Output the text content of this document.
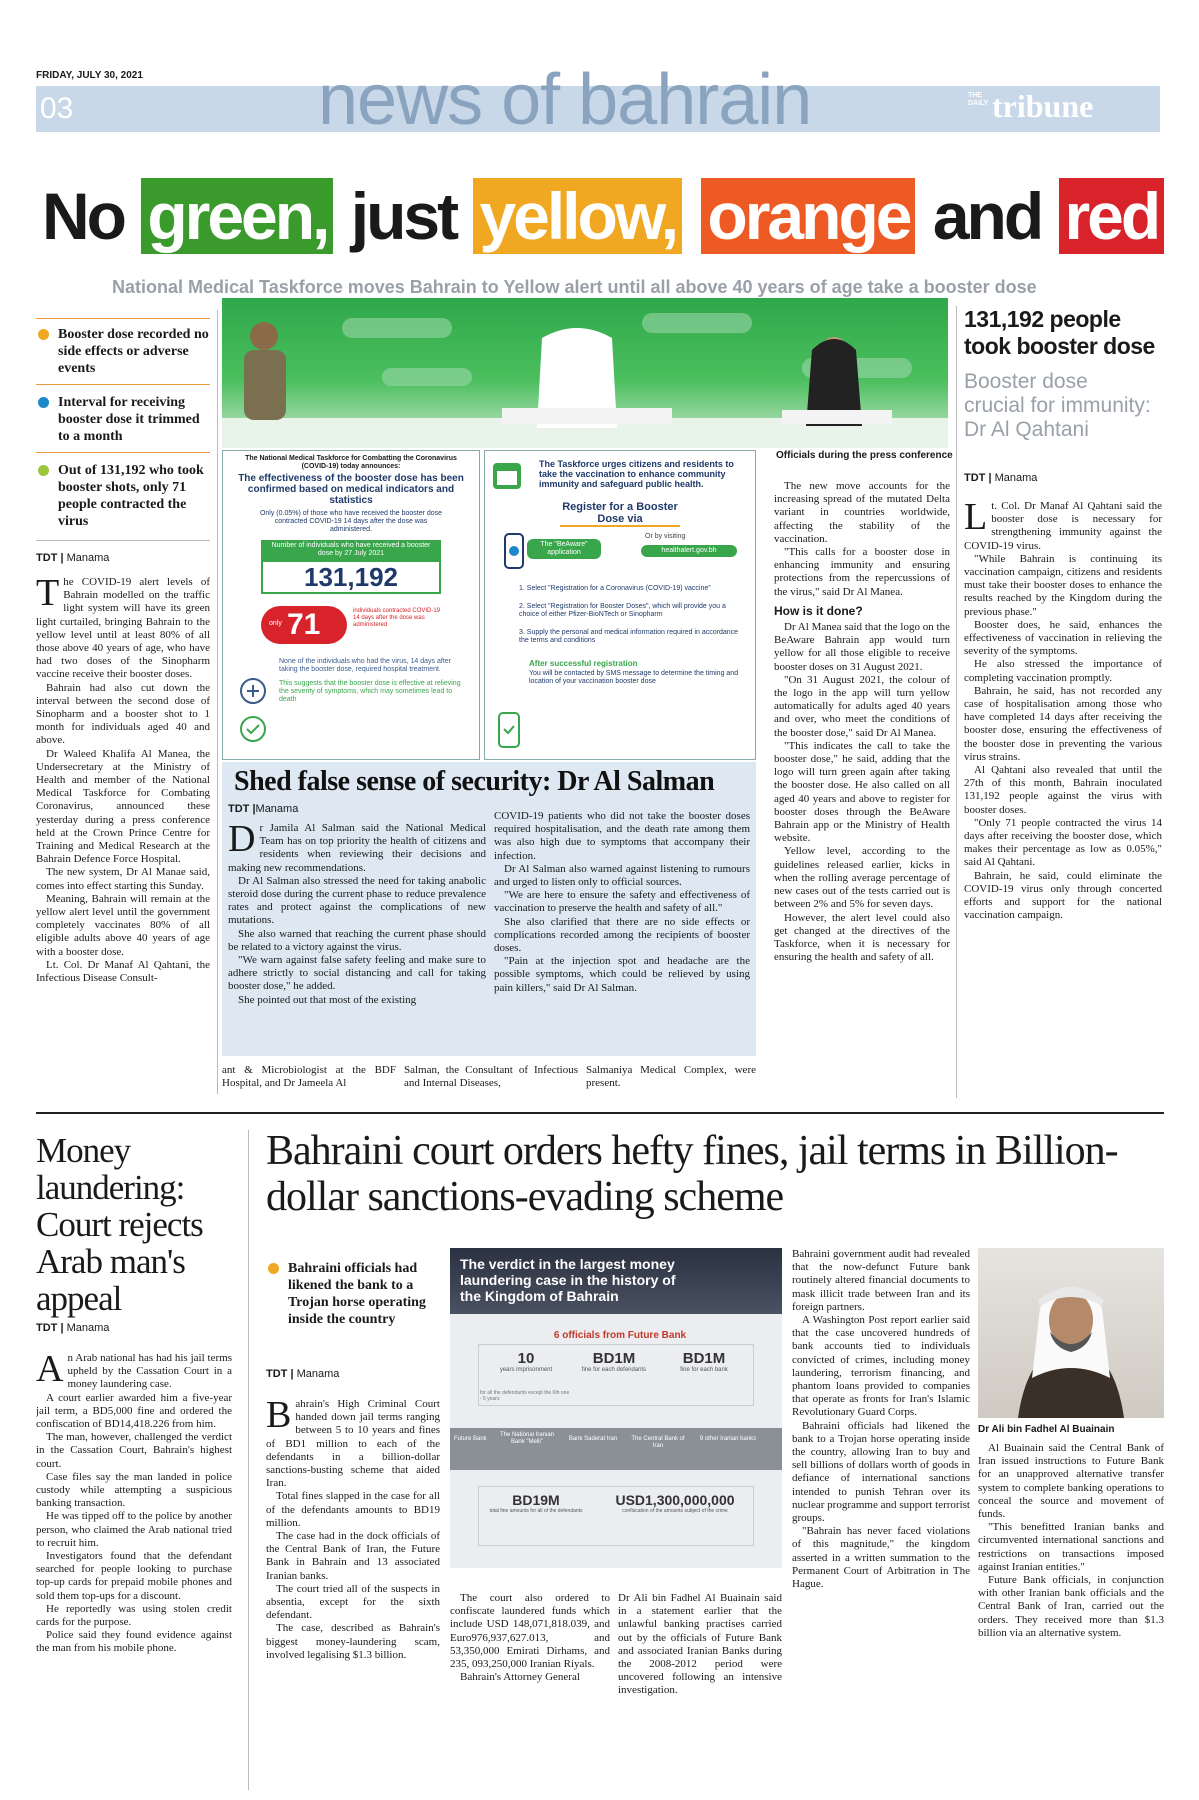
FRIDAY, JULY 30, 2021
03	news of bahrain	THE DAILY tribune
No green, just yellow, orange and red
National Medical Taskforce moves Bahrain to Yellow alert until all above 40 years of age take a booster dose
Booster dose recorded no side effects or adverse events
Interval for receiving booster dose it trimmed to a month
Out of 131,192 who took booster shots, only 71 people contracted the virus
TDT | Manama

The COVID-19 alert levels of Bahrain modelled on the traffic light system will have its green light curtailed, bringing Bahrain to the yellow level until at least 80% of all those above 40 years of age, who have had two doses of the Sinopharm vaccine receive their booster doses.

Bahrain had also cut down the interval between the second dose of Sinopharm and a booster shot to 1 month for individuals aged 40 and above.

Dr Waleed Khalifa Al Manea, the Undersecretary at the Ministry of Health and member of the National Medical Taskforce for Combating Coronavirus, announced these yesterday during a press conference held at the Crown Prince Centre for Training and Medical Research at the Bahrain Defence Force Hospital.

The new system, Dr Al Manae said, comes into effect starting this Sunday.

Meaning, Bahrain will remain at the yellow alert level until the government completely vaccinates 80% of all eligible adults above 40 years of age with a booster dose.

Lt. Col. Dr Manaf Al Qahtani, the Infectious Disease Consult-

The National Medical Taskforce for Combatting the Coronavirus (COVID-19) today announces:
The effectiveness of the booster dose has been confirmed based on medical indicators and statistics
Only (0.05%) of those who have received the booster dose contracted COVID-19 14 days after the dose was administered.
Number of individuals who have received a booster dose by 27 July 2021
131,192
only 71	individuals contracted COVID-19 14 days after the dose was administered
None of the individuals who had the virus, 14 days after taking the booster dose, required hospital treatment.
This suggests that the booster dose is effective at relieving the severity of symptoms, which may sometimes lead to death
The Taskforce urges citizens and residents to take the vaccination to enhance community immunity and safeguard public health.
Register for a Booster Dose via
The "BeAware" application
Or by visiting
healthalert.gov.bh
1. Select "Registration for a Coronavirus (COVID-19) vaccine"
2. Select "Registration for Booster Doses", which will provide you a choice of either Pfizer-BioNTech or Sinopharm
3. Supply the personal and medical information required in accordance the terms and conditions
After successful registration
You will be contacted by SMS message to determine the timing and location of your vaccination booster dose
Shed false sense of security: Dr Al Salman
TDT |Manama

Dr Jamila Al Salman said the National Medical Team has on top priority the health of citizens and residents when reviewing their decisions and making new recommendations.

Dr Al Salman also stressed the need for taking anabolic steroid dose during the current phase to reduce prevalence rates and protect against the complications of new mutations.

She also warned that reaching the current phase should be related to a victory against the virus.

"We warn against false safety feeling and make sure to adhere strictly to social distancing and call for taking booster dose," he added.

She pointed out that most of the existing

COVID-19 patients who did not take the booster doses required hospitalisation, and the death rate among them was also high due to symptoms that accompany their infection.

Dr Al Salman also warned against listening to rumours and urged to listen only to official sources.

"We are here to ensure the safety and effectiveness of vaccination to preserve the health and safety of all."

She also clarified that there are no side effects or complications recorded among the recipients of booster doses.

"Pain at the injection spot and headache are the possible symptoms, which could be relieved by using pain killers," said Dr Al Salman.

ant & Microbiologist at the BDF Hospital, and Dr Jameela Al
Salman, the Consultant of Infectious and Internal Diseases,
Salmaniya Medical Complex, were present.
Officials during the press conference

The new move accounts for the increasing spread of the mutated Delta variant in countries worldwide, affecting the stability of the vaccination.

"This calls for a booster dose in enhancing immunity and ensuring protections from the repercussions of the virus," said Dr Al Manea.

How is it done?

Dr Al Manea said that the logo on the BeAware Bahrain app would turn yellow for all those eligible to receive booster doses on 31 August 2021.

"On 31 August 2021, the colour of the logo in the app will turn yellow automatically for adults aged 40 years and over, who meet the conditions of the booster dose," said Dr Al Manea.

"This indicates the call to take the booster dose," he said, adding that the logo will turn green again after taking the booster dose. He also called on all aged 40 years and above to register for booster doses through the BeAware Bahrain app or the Ministry of Health website.

Yellow level, according to the guidelines released earlier, kicks in when the rolling average percentage of new cases out of the tests carried out is between 2% and 5% for seven days.

However, the alert level could also get changed at the directives of the Taskforce, when it is necessary for ensuring the health and safety of all.

131,192 people took booster dose
Booster dose crucial for immunity: Dr Al Qahtani
TDT | Manama

Lt. Col. Dr Manaf Al Qahtani said the booster dose is necessary for strengthening immunity against the COVID-19 virus.

"While Bahrain is continuing its vaccination campaign, citizens and residents must take their booster doses to enhance the results reached by the Kingdom during the previous phase."

Booster does, he said, enhances the effectiveness of vaccination in relieving the severity of the symptoms.

He also stressed the importance of completing vaccination promptly.

Bahrain, he said, has not recorded any case of hospitalisation among those who have completed 14 days after receiving the booster dose, ensuring the effectiveness of the booster dose in preventing the various virus strains.

Al Qahtani also revealed that until the 27th of this month, Bahrain inoculated 131,192 people against the virus with booster doses.

"Only 71 people contracted the virus 14 days after receiving the booster dose, which makes their percentage as low as 0.05%," said Al Qahtani.

Bahrain, he said, could eliminate the COVID-19 virus only through concerted efforts and support for the national vaccination campaign.

Money laundering: Court rejects Arab man's appeal
TDT | Manama

An Arab national has had his jail terms upheld by the Cassation Court in a money laundering case.

A court earlier awarded him a five-year jail term, a BD5,000 fine and ordered the confiscation of BD14,418.226 from him.

The man, however, challenged the verdict in the Cassation Court, Bahrain's highest court.

Case files say the man landed in police custody while attempting a suspicious banking transaction.

He was tipped off to the police by another person, who claimed the Arab national tried to recruit him.

Investigators found that the defendant searched for people looking to purchase top-up cards for prepaid mobile phones and sold them top-ups for a discount.

He reportedly was using stolen credit cards for the purpose.

Police said they found evidence against the man from his mobile phone.

Bahraini court orders hefty fines, jail terms in Billion-dollar sanctions-evading scheme
Bahraini officials had likened the bank to a Trojan horse operating inside the country
TDT | Manama

Bahrain's High Criminal Court handed down jail terms ranging between 5 to 10 years and fines of BD1 million to each of the defendants in a billion-dollar sanctions-busting scheme that aided Iran.

Total fines slapped in the case for all of the defendants amounts to BD19 million.

The case had in the dock officials of the Central Bank of Iran, the Future Bank in Bahrain and 13 associated Iranian banks.

The court tried all of the suspects in absentia, except for the sixth defendant.

The case, described as Bahrain's biggest money-laundering scam, involved legalising $1.3 billion.

The verdict in the largest money laundering case in the history of the Kingdom of Bahrain
6 officials from Future Bank
10
years imprisonment
BD1M
fine for each defendants
BD1M
fine for each bank
for all the defendants except the 6th one - 5 years
Future Bank
The National Iranian Bank "Melli"	Bank Saderat Iran	The Central Bank of Iran
9 other Iranian banks
BD19M
total fine amounts for all of the defendants
USD1,300,000,000
confiscation of the amounts subject of the crime

The court also ordered to confiscate laundered funds which include USD 148,071,818.039, and Euro976,937,627.013, and 53,350,000 Emirati Dirhams, and 235, 093,250,000 Iranian Riyals.

Bahrain's Attorney General

Dr Ali bin Fadhel Al Buainain said in a statement earlier that the unlawful banking practises carried out by the officials of Future Bank and associated Iranian Banks during the 2008-2012 period were uncovered following an intensive investigation.

Bahraini government audit had revealed that the now-defunct Future bank routinely altered financial documents to mask illicit trade between Iran and its foreign partners.

A Washington Post report earlier said that the case uncovered hundreds of bank accounts tied to individuals convicted of crimes, including money laundering, terrorism financing, and phantom loans provided to companies that operate as fronts for Iran's Islamic Revolutionary Guard Corps.

Bahraini officials had likened the bank to a Trojan horse operating inside the country, allowing Iran to buy and sell billions of dollars worth of goods in defiance of international sanctions intended to punish Tehran over its nuclear programme and support terrorist groups.

"Bahrain has never faced violations of this magnitude," the kingdom asserted in a written summation to the Permanent Court of Arbitration in The Hague.

Dr Ali bin Fadhel Al Buainain

Al Buainain said the Central Bank of Iran issued instructions to Future Bank for an unapproved alternative transfer system to complete banking operations to conceal the source and movement of funds.

"This benefitted Iranian banks and circumvented international sanctions and restrictions on transactions imposed against Iranian entities."

Future Bank officials, in conjunction with other Iranian bank officials and the Central Bank of Iran, carried out the orders. They received more than $1.3 billion via an alternative system.
